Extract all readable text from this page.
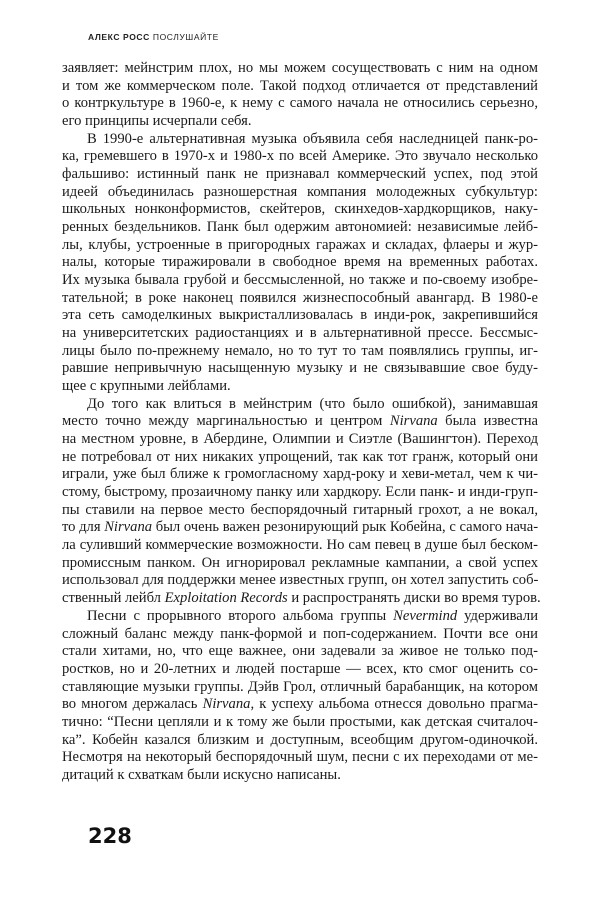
АЛЕКС РОСС ПОСЛУШАЙТЕ
заявляет: мейнстрим плох, но мы можем сосуществовать с ним на одном
и том же коммерческом поле. Такой подход отличается от представлений
о контркультуре в 1960-е, к нему с самого начала не относились серьезно,
его принципы исчерпали себя.
В 1990-е альтернативная музыка объявила себя наследницей панк-ро-
ка, гремевшего в 1970-х и 1980-х по всей Америке. Это звучало несколько
фальшиво: истинный панк не признавал коммерческий успех, под этой
идеей объединилась разношерстная компания молодежных субкультур:
школьных нонконформистов, скейтеров, скинхедов-хардкорщиков, наку-
ренных бездельников. Панк был одержим автономией: независимые лейб-
лы, клубы, устроенные в пригородных гаражах и складах, флаеры и жур-
налы, которые тиражировали в свободное время на временных работах.
Их музыка бывала грубой и бессмысленной, но также и по-своему изобре-
тательной; в роке наконец появился жизнеспособный авангард. В 1980-е
эта сеть самоделкиных выкристаллизовалась в инди-рок, закрепившийся
на университетских радиостанциях и в альтернативной прессе. Бессмыс-
лицы было по-прежнему немало, но то тут то там появлялись группы, иг-
равшие непривычную насыщенную музыку и не связывавшие свое буду-
щее с крупными лейблами.
До того как влиться в мейнстрим (что было ошибкой), занимавшая
место точно между маргинальностью и центром Nirvana была известна
на местном уровне, в Абердине, Олимпии и Сиэтле (Вашингтон). Переход
не потребовал от них никаких упрощений, так как тот гранж, который они
играли, уже был ближе к громогласному хард-року и хеви-метал, чем к чи-
стому, быстрому, прозаичному панку или хардкору. Если панк- и инди-груп-
пы ставили на первое место беспорядочный гитарный грохот, а не вокал,
то для Nirvana был очень важен резонирующий рык Кобейна, с самого нача-
ла суливший коммерческие возможности. Но сам певец в душе был беском-
промиссным панком. Он игнорировал рекламные кампании, а свой успех
использовал для поддержки менее известных групп, он хотел запустить соб-
ственный лейбл Exploitation Records и распространять диски во время туров.
Песни с прорывного второго альбома группы Nevermind удерживали
сложный баланс между панк-формой и поп-содержанием. Почти все они
стали хитами, но, что еще важнее, они задевали за живое не только под-
ростков, но и 20-летних и людей постарше — всех, кто смог оценить со-
ставляющие музыки группы. Дэйв Грол, отличный барабанщик, на котором
во многом держалась Nirvana, к успеху альбома отнесся довольно прагма-
тично: “Песни цепляли и к тому же были простыми, как детская считалоч-
ка”. Кобейн казался близким и доступным, всеобщим другом-одиночкой.
Несмотря на некоторый беспорядочный шум, песни с их переходами от ме-
дитаций к схваткам были искусно написаны.
228
